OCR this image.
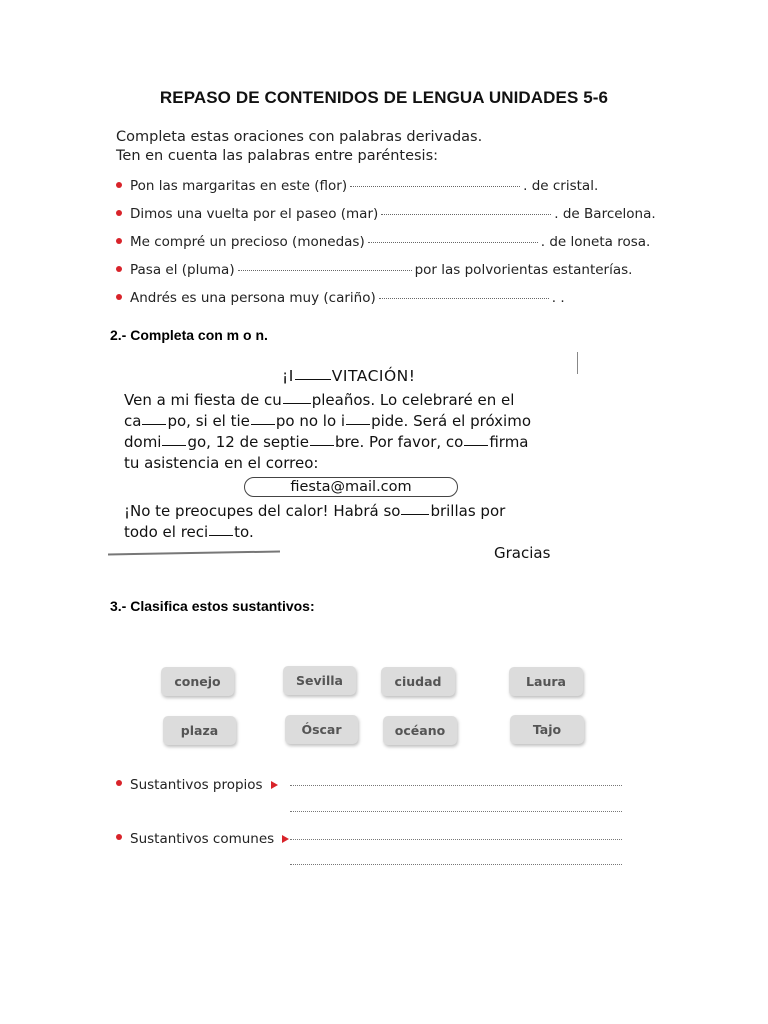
REPASO DE CONTENIDOS DE LENGUA UNIDADES 5-6
Completa estas oraciones con palabras derivadas.
Ten en cuenta las palabras entre paréntesis:
Pon las margaritas en este (flor)	. de cristal.
Dimos una vuelta por el paseo (mar)	. de Barcelona.
Me compré un precioso (monedas)	. de loneta rosa.
Pasa el (pluma)	por las polvorientas estanterías.
Andrés es una persona muy (cariño)	. .
2.- Completa con m o n.
¡I VITACIÓN!
Ven a mi fiesta de cu pleaños. Lo celebraré en el
ca po, si el tie po no lo i pide. Será el próximo
domi go, 12 de septie bre. Por favor, co firma
tu asistencia en el correo:
fiesta@mail.com
¡No te preocupes del calor! Habrá so brillas por
todo el reci to.
Gracias
3.- Clasifica estos sustantivos:
conejo	Sevilla	ciudad	Laura
plaza	Óscar	océano	Tajo
Sustantivos propios
Sustantivos comunes
